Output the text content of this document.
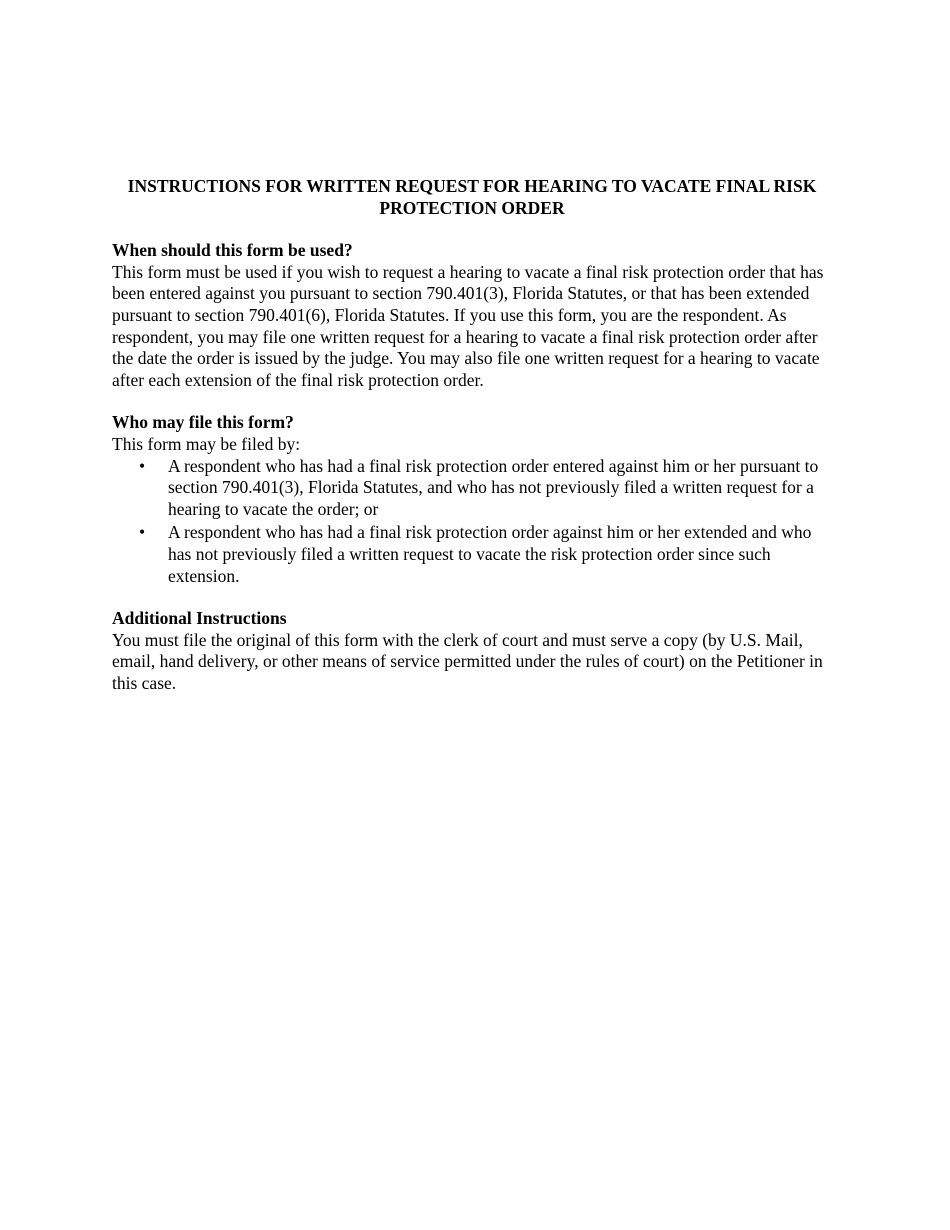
INSTRUCTIONS FOR WRITTEN REQUEST FOR HEARING TO VACATE FINAL RISK PROTECTION ORDER

When should this form be used?

This form must be used if you wish to request a hearing to vacate a final risk protection order that has been entered against you pursuant to section 790.401(3), Florida Statutes, or that has been extended pursuant to section 790.401(6), Florida Statutes. If you use this form, you are the respondent. As respondent, you may file one written request for a hearing to vacate a final risk protection order after the date the order is issued by the judge. You may also file one written request for a hearing to vacate after each extension of the final risk protection order.

Who may file this form?

This form may be filed by:

• A respondent who has had a final risk protection order entered against him or her pursuant to section 790.401(3), Florida Statutes, and who has not previously filed a written request for a hearing to vacate the order; or
• A respondent who has had a final risk protection order against him or her extended and who has not previously filed a written request to vacate the risk protection order since such extension.

Additional Instructions

You must file the original of this form with the clerk of court and must serve a copy (by U.S. Mail, email, hand delivery, or other means of service permitted under the rules of court) on the Petitioner in this case.
